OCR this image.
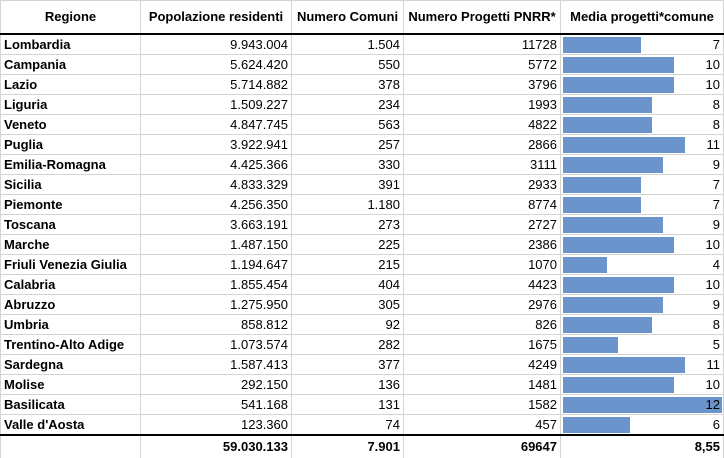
Regione	Popolazione residenti	Numero Comuni	Numero Progetti PNRR*	Media progetti*comune
Lombardia	9.943.004	1.504	11728	7

Campania	5.624.420	550	5772	10

Lazio	5.714.882	378	3796	10

Liguria	1.509.227	234	1993	8

Veneto	4.847.745	563	4822	8

Puglia	3.922.941	257	2866	11

Emilia-Romagna	4.425.366	330	3111	9

Sicilia	4.833.329	391	2933	7

Piemonte	4.256.350	1.180	8774	7

Toscana	3.663.191	273	2727	9

Marche	1.487.150	225	2386	10

Friuli Venezia Giulia	1.194.647	215	1070	4

Calabria	1.855.454	404	4423	10

Abruzzo	1.275.950	305	2976	9

Umbria	858.812	92	826	8

Trentino-Alto Adige	1.073.574	282	1675	5

Sardegna	1.587.413	377	4249	11

Molise	292.150	136	1481	10

Basilicata	541.168	131	1582	12

Valle d'Aosta	123.360	74	457	6

	59.030.133	7.901	69647	8,55
